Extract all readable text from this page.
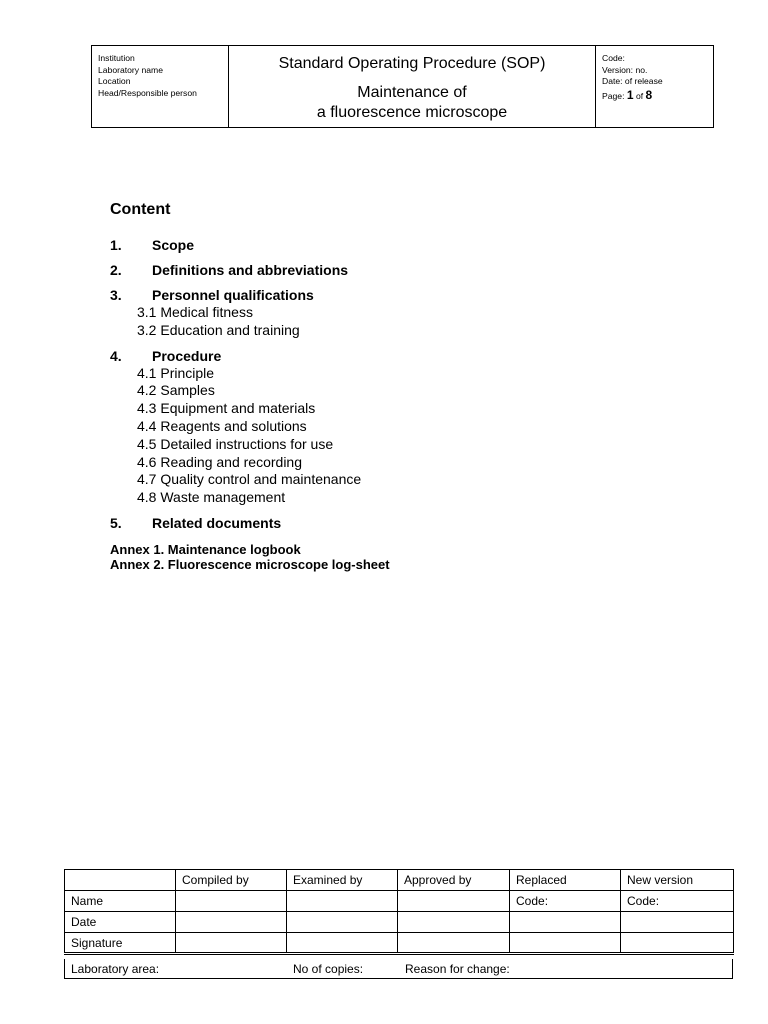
Institution
Laboratory name
Location
Head/Responsible person
Standard Operating Procedure (SOP)
Maintenance of
a fluorescence microscope
Code:
Version: no.
Date: of release
Page: 1 of 8
Content
1.	Scope
2.	Definitions and abbreviations
3.	Personnel qualifications
3.1 Medical fitness
3.2 Education and training
4.	Procedure
4.1 Principle
4.2 Samples
4.3 Equipment and materials
4.4 Reagents and solutions
4.5 Detailed instructions for use
4.6 Reading and recording
4.7 Quality control and maintenance
4.8 Waste management
5.	Related documents
Annex 1. Maintenance logbook
Annex 2. Fluorescence microscope log-sheet
	Compiled by	Examined by	Approved by	Replaced	New version
Name				Code:	Code:
Date					
Signature					
Laboratory area:	No of copies:	Reason for change:
